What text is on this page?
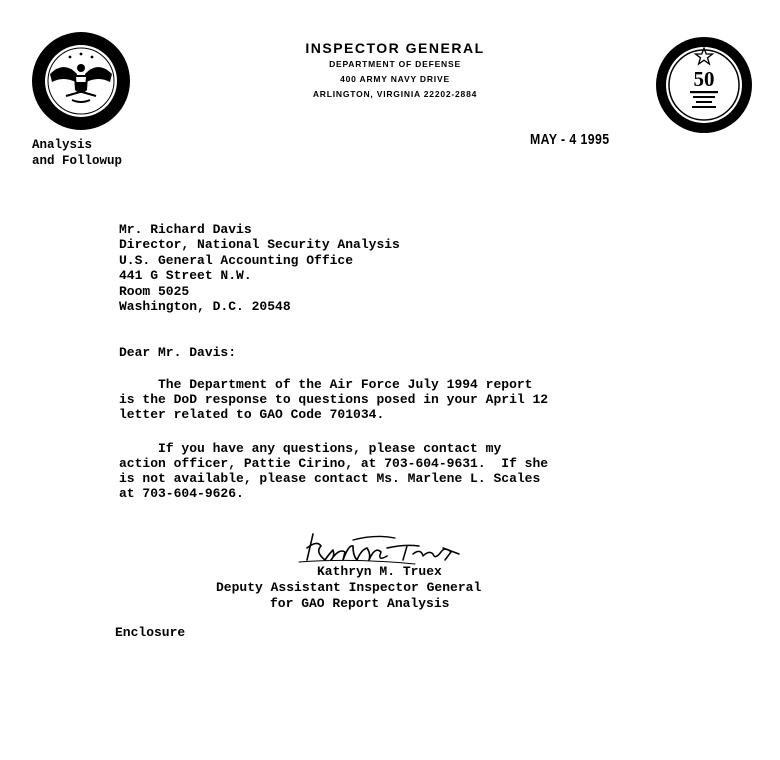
INSPECTOR GENERAL
DEPARTMENT OF DEFENSE
400 ARMY NAVY DRIVE
ARLINGTON, VIRGINIA 22202-2884
50
Analysis
and Followup
MAY - 4 1995
Mr. Richard Davis
Director, National Security Analysis
U.S. General Accounting Office
441 G Street N.W.
Room 5025
Washington, D.C. 20548
Dear Mr. Davis:
The Department of the Air Force July 1994 report
is the DoD response to questions posed in your April 12
letter related to GAO Code 701034.
If you have any questions, please contact my
action officer, Pattie Cirino, at 703-604-9631.  If she
is not available, please contact Ms. Marlene L. Scales
at 703-604-9626.
Kathryn M. Truex
Deputy Assistant Inspector General
for GAO Report Analysis
Enclosure
